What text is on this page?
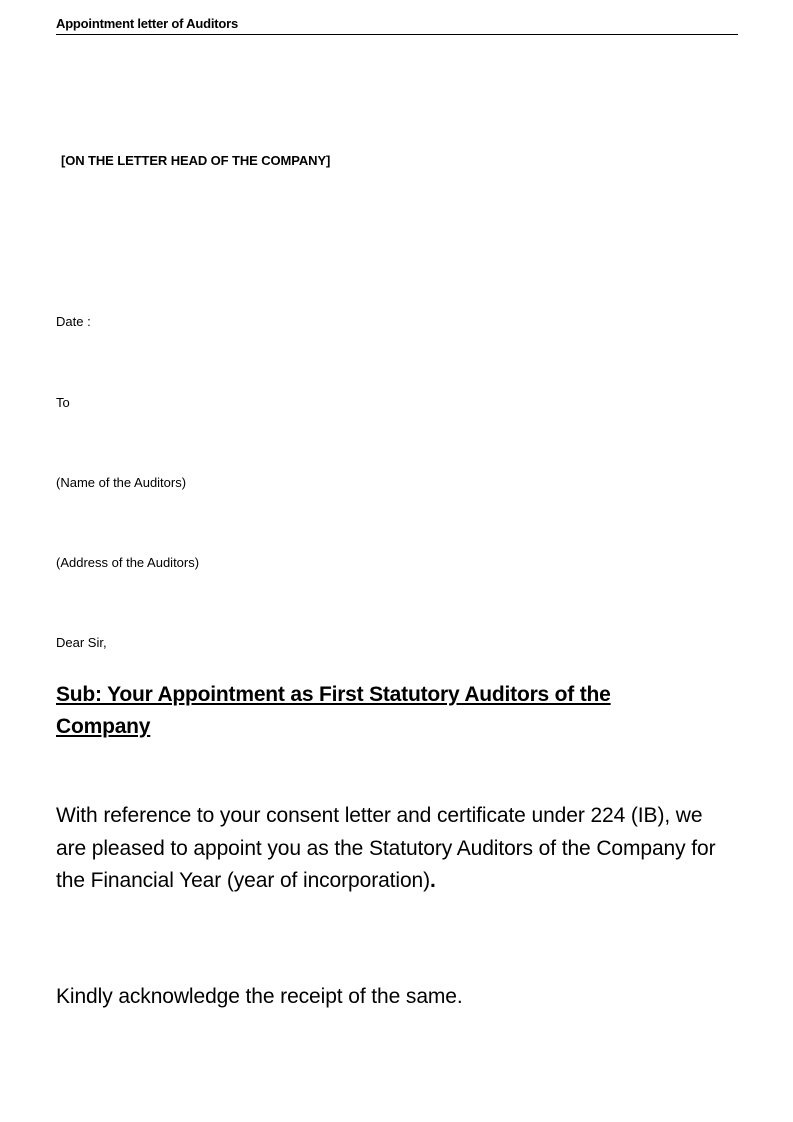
Appointment letter of Auditors
[ON THE LETTER HEAD OF THE COMPANY]
Date :
To
(Name of the Auditors)
(Address of the Auditors)
Dear Sir,
Sub: Your Appointment as First Statutory Auditors of the Company
With reference to your consent letter and certificate under 224 (IB), we are pleased to appoint you as the Statutory Auditors of the Company for the Financial Year (year of incorporation).
Kindly acknowledge the receipt of the same.
